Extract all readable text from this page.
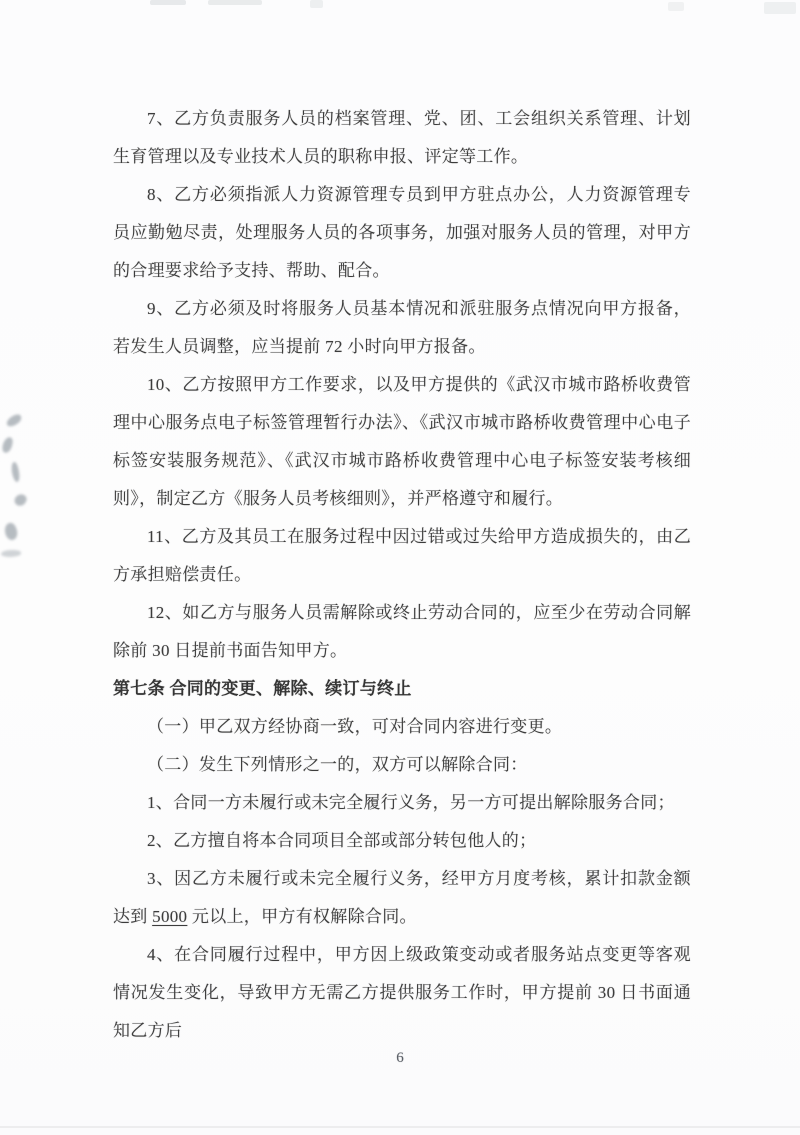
7、乙方负责服务人员的档案管理、党、团、工会组织关系管理、计划生育管理以及专业技术人员的职称申报、评定等工作。

8、乙方必须指派人力资源管理专员到甲方驻点办公，人力资源管理专员应勤勉尽责，处理服务人员的各项事务，加强对服务人员的管理，对甲方的合理要求给予支持、帮助、配合。

9、乙方必须及时将服务人员基本情况和派驻服务点情况向甲方报备，若发生人员调整，应当提前 72 小时向甲方报备。

10、乙方按照甲方工作要求，以及甲方提供的《武汉市城市路桥收费管理中心服务点电子标签管理暂行办法》、《武汉市城市路桥收费管理中心电子标签安装服务规范》、《武汉市城市路桥收费管理中心电子标签安装考核细则》，制定乙方《服务人员考核细则》，并严格遵守和履行。

11、乙方及其员工在服务过程中因过错或过失给甲方造成损失的，由乙方承担赔偿责任。

12、如乙方与服务人员需解除或终止劳动合同的，应至少在劳动合同解除前 30 日提前书面告知甲方。

第七条 合同的变更、解除、续订与终止

（一）甲乙双方经协商一致，可对合同内容进行变更。

（二）发生下列情形之一的，双方可以解除合同：

1、合同一方未履行或未完全履行义务，另一方可提出解除服务合同；

2、乙方擅自将本合同项目全部或部分转包他人的；

3、因乙方未履行或未完全履行义务，经甲方月度考核，累计扣款金额达到 5000 元以上，甲方有权解除合同。

4、在合同履行过程中，甲方因上级政策变动或者服务站点变更等客观情况发生变化，导致甲方无需乙方提供服务工作时，甲方提前 30 日书面通知乙方后

6
